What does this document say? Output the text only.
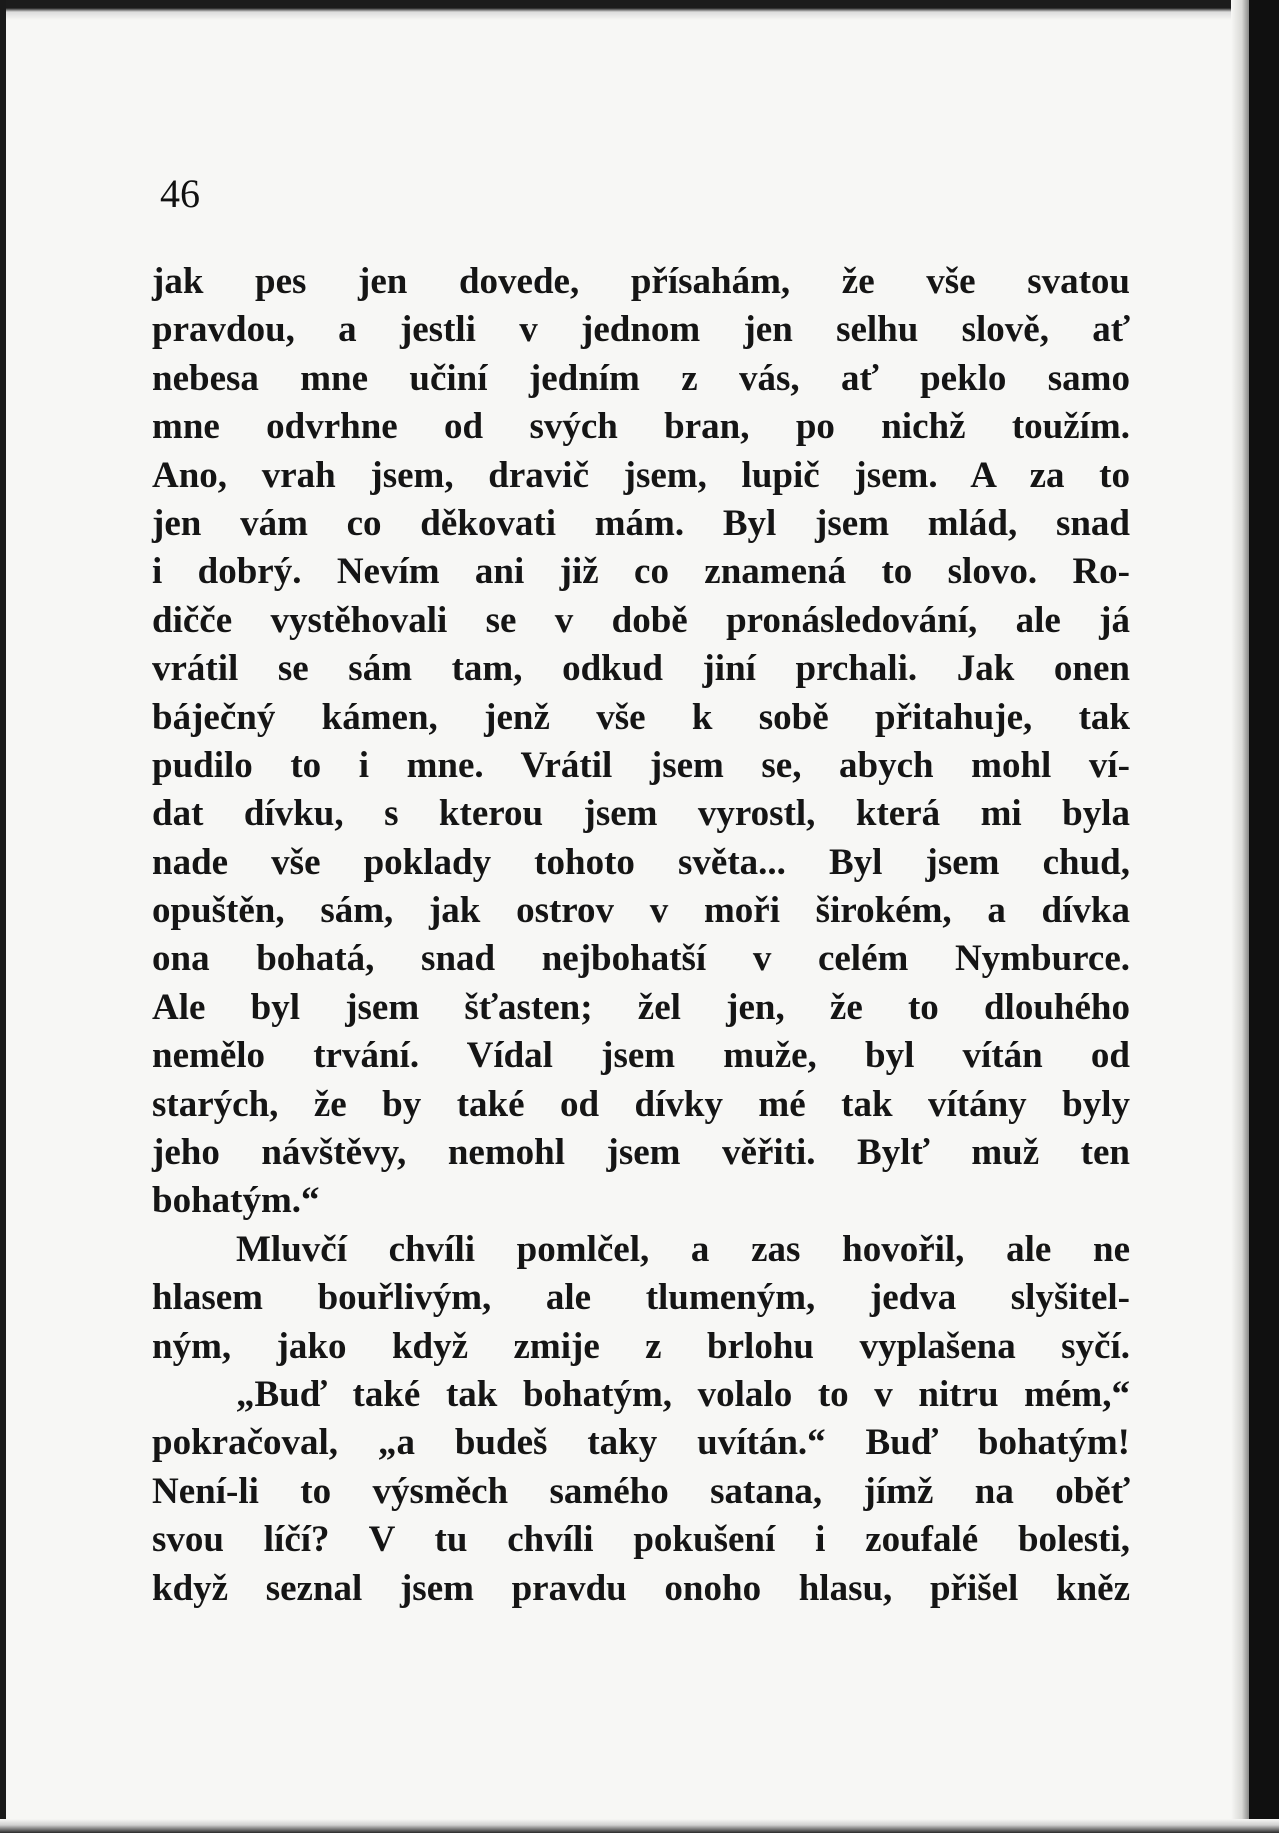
46
jak pes jen dovede, přísahám, že vše svatou
pravdou, a jestli v jednom jen selhu slově, ať
nebesa mne učiní jedním z vás, ať peklo samo
mne odvrhne od svých bran, po nichž toužím.
Ano, vrah jsem, dravič jsem, lupič jsem. A za to
jen vám co děkovati mám. Byl jsem mlád, snad
i dobrý. Nevím ani již co znamená to slovo. Ro-
dičče vystěhovali se v době pronásledování, ale já
vrátil se sám tam, odkud jiní prchali. Jak onen
báječný kámen, jenž vše k sobě přitahuje, tak
pudilo to i mne. Vrátil jsem se, abych mohl ví-
dat dívku, s kterou jsem vyrostl, která mi byla
nade vše poklady tohoto světa... Byl jsem chud,
opuštěn, sám, jak ostrov v moři širokém, a dívka
ona bohatá, snad nejbohatší v celém Nymburce.
Ale byl jsem šťasten; žel jen, že to dlouhého
nemělo trvání. Vídal jsem muže, byl vítán od
starých, že by také od dívky mé tak vítány byly
jeho návštěvy, nemohl jsem věřiti. Bylť muž ten
bohatým.“
Mluvčí chvíli pomlčel, a zas hovořil, ale ne
hlasem bouřlivým, ale tlumeným, jedva slyšitel-
ným, jako když zmije z brlohu vyplašena syčí.
„Buď také tak bohatým, volalo to v nitru mém,“
pokračoval, „a budeš taky uvítán.“ Buď bohatým!
Není-li to výsměch samého satana, jímž na oběť
svou líčí? V tu chvíli pokušení i zoufalé bolesti,
když seznal jsem pravdu onoho hlasu, přišel kněz
